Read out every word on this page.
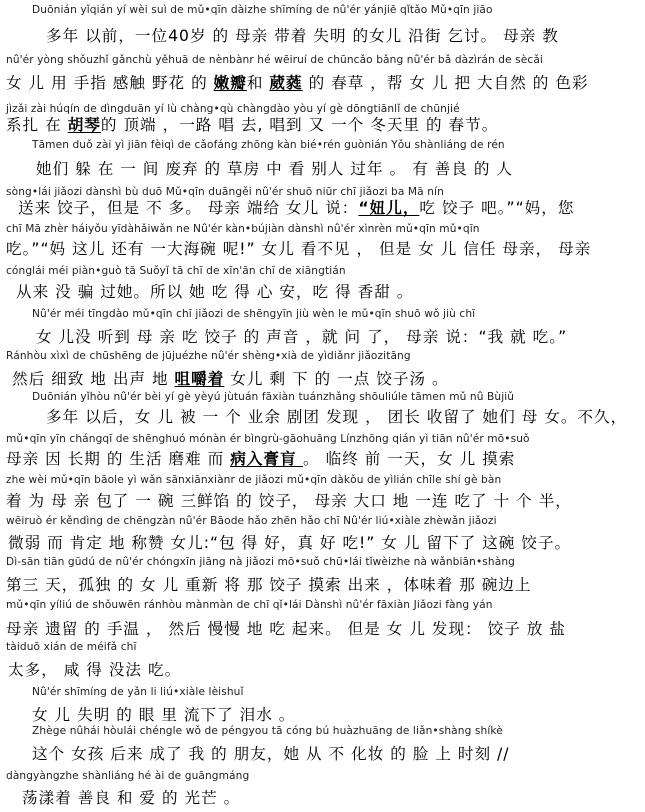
Duōnián yǐqián yí wèi suì de mǔ•qīn dàizhe shīmíng de nǚ'ér yánjiē qǐtǎo Mǔ•qīn jiāo
多年 以前，一位40岁 的 母亲 带着 失明 的女儿 沿街 乞讨。 母亲 教
nǚ'ér yòng shǒuzhǐ gǎnchù yěhuā de nènbànr hé wēiruí de chūncǎo bǎng nǚ'ér bǎ dàzìrán de sècǎi
女 儿 用 手指 感触 野花 的 嫩瓣和 葳蕤 的 春草 ，帮 女 儿 把 大自然 的 色彩
jìzǎi zài húqín de dìngduān yí lù chàng•qù chàngdào yòu yí gè dōngtiānlǐ de chūnjié
系扎 在 胡琴的 顶端 ，一路 唱 去, 唱到 又 一个 冬天里 的 春节。
Tāmen duǒ zài yì jiān fèiqì de cǎofáng zhōng kàn bié•rén guònián Yǒu shànliáng de rén
她们 躲 在 一 间 废弃 的 草房 中 看 别人 过年 。 有 善良 的 人
sòng•lái jiǎozi dànshì bù duō Mǔ•qīn duāngěi nǚ'ér shuō niūr chī jiǎozi ba Mā nín
送来 饺子，但是 不 多。 母亲 端给 女儿 说：“妞儿，吃 饺子 吧。”“妈，您
chī Mā zhèr háiyǒu yīdàhǎiwǎn ne Nǚ'ér kàn•bújiàn dànshì nǚ'ér xìnrèn mǔ•qīn mǔ•qīn
吃。”“妈 这儿 还有 一大海碗 呢!” 女儿 看不见 ， 但是 女 儿 信任 母亲， 母亲
cónglái méi piàn•guò tā Suǒyǐ tā chī de xīn'ān chī de xiāngtián
从来 没 骗 过她。所以 她 吃 得 心 安，吃 得 香甜 。
Nǚ'ér méi tīngdào mǔ•qīn chī jiǎozi de shēngyīn jiù wèn le mǔ•qīn shuō wǒ jiù chī
女 儿没 听到 母 亲 吃 饺子 的 声音 ，就 问 了， 母亲 说：“我 就 吃。”
Ránhòu xìxì de chūshēng de jūjuézhe nǚ'ér shèng•xià de yìdiǎnr jiǎozitāng
然后 细致 地 出声 地 咀嚼着 女儿 剩 下 的 一点 饺子汤 。
Duōnián yǐhòu nǚ'ér bèi yí gè yèyú jùtuán fāxiàn tuánzhǎng shōuliúle tāmen mǔ nǚ Bùjiǔ
多年 以后，女 儿 被 一 个 业余 剧团 发现 ， 团长 收留了 她们 母 女。不久，
mǔ•qīn yīn chángqī de shēnghuó mónàn ér bìngrù-gāohuāng Línzhōng qián yì tiān nǚ'ér mō•suǒ
母亲 因 长期 的 生活 磨难 而 病入膏肓 。 临终 前 一天，女 儿 摸索
zhe wèi mǔ•qīn bāole yì wǎn sānxiānxiànr de jiǎozi mǔ•qīn dàkǒu de yìlián chīle shí gè bàn
着 为 母 亲 包了 一 碗 三鲜馅 的 饺子， 母亲 大口 地 一连 吃了 十 个 半，
wēiruò ér kěndìng de chēngzàn nǚ'ér Bāode hǎo zhēn hǎo chī Nǚ'ér liú•xiàle zhèwǎn jiǎozi
微弱 而 肯定 地 称赞 女儿:“包 得 好，真 好 吃!” 女 儿 留下了 这碗 饺子。
Dì-sān tiān gūdú de nǚ'ér chóngxīn jiāng nà jiǎozi mō•suǒ chū•lái tǐwèizhe nà wǎnbiān•shàng
第三 天，孤独 的 女 儿 重新 将 那 饺子 摸索 出来 ，体味着 那 碗边上
mǔ•qīn yíliú de shǒuwēn ránhòu mànmàn de chī qǐ•lái Dànshì nǚ'ér fāxiàn Jiǎozi fàng yán
母亲 遗留 的 手温 ， 然后 慢慢 地 吃 起来。 但是 女 儿 发现： 饺子 放 盐
tàiduō xián de méifǎ chī
太多， 咸 得 没法 吃。
Nǚ'ér shīmíng de yǎn li liú•xiàle lèishuǐ
女 儿 失明 的 眼 里 流下了 泪水 。
Zhège nǚhái hòulái chéngle wǒ de péngyou tā cóng bú huàzhuāng de liǎn•shàng shíkè
这个 女孩 后来 成了 我 的 朋友，她 从 不 化妆 的 脸 上 时刻 //
dàngyàngzhe shànliáng hé ài de guāngmáng
荡漾着 善良 和 爱 的 光芒 。
